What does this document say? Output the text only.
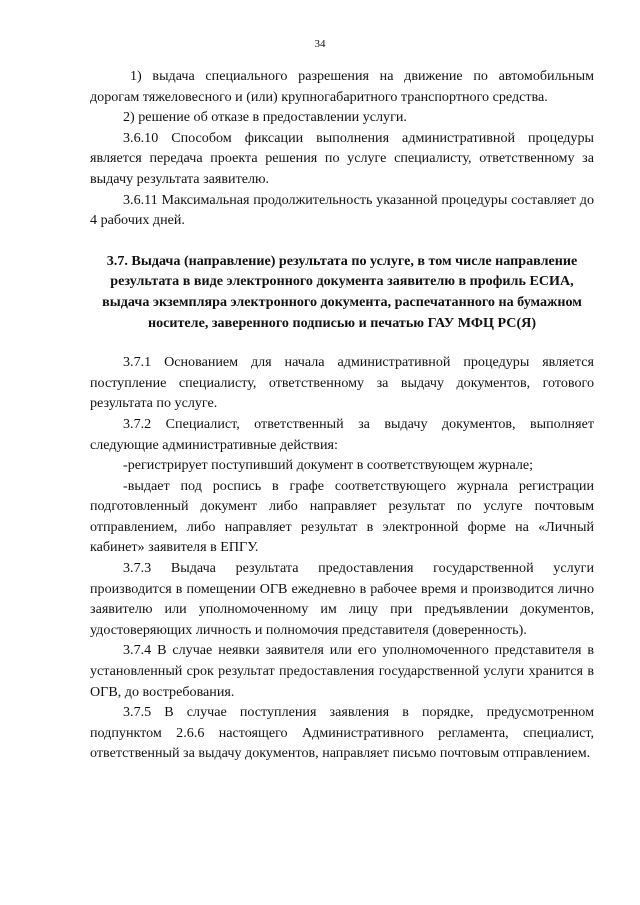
34

1) выдача специального разрешения на движение по автомобильным дорогам тяжеловесного и (или) крупногабаритного транспортного средства.

2) решение об отказе в предоставлении услуги.

3.6.10 Способом фиксации выполнения административной процедуры является передача проекта решения по услуге специалисту, ответственному за выдачу результата заявителю.

3.6.11 Максимальная продолжительность указанной процедуры составляет до 4 рабочих дней.

3.7. Выдача (направление) результата по услуге, в том числе направление результата в виде электронного документа заявителю в профиль ЕСИА, выдача экземпляра электронного документа, распечатанного на бумажном носителе, заверенного подписью и печатью ГАУ МФЦ РС(Я)

3.7.1 Основанием для начала административной процедуры является поступление специалисту, ответственному за выдачу документов, готового результата по услуге.

3.7.2 Специалист, ответственный за выдачу документов, выполняет следующие административные действия:

-регистрирует поступивший документ в соответствующем журнале;

-выдает под роспись в графе соответствующего журнала регистрации подготовленный документ либо направляет результат по услуге почтовым отправлением, либо направляет результат в электронной форме на «Личный кабинет» заявителя в ЕПГУ.

3.7.3 Выдача результата предоставления государственной услуги производится в помещении ОГВ ежедневно в рабочее время и производится лично заявителю или уполномоченному им лицу при предъявлении документов, удостоверяющих личность и полномочия представителя (доверенность).

3.7.4 В случае неявки заявителя или его уполномоченного представителя в установленный срок результат предоставления государственной услуги хранится в ОГВ, до востребования.

3.7.5 В случае поступления заявления в порядке, предусмотренном подпунктом 2.6.6 настоящего Административного регламента, специалист, ответственный за выдачу документов, направляет письмо почтовым отправлением.
